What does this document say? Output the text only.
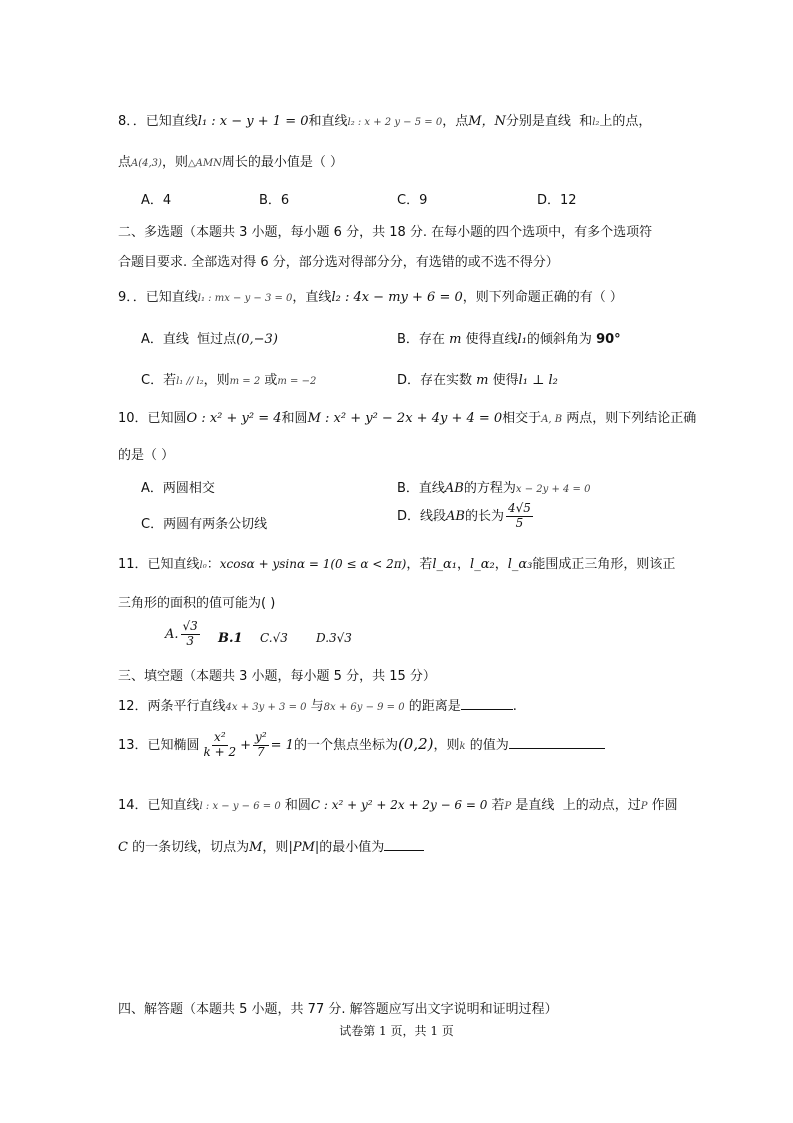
8．．已知直线l₁ : x − y + 1 = 0和直线l₂ : x + 2 y − 5 = 0，点M，N分别是直线 和l₂上的点，
点A(4,3)，则△AMN周长的最小值是（ ）
A．4	B．6	C．9	D．12
二、多选题（本题共 3 小题，每小题 6 分，共 18 分. 在每小题的四个选项中，有多个选项符
合题目要求. 全部选对得 6 分，部分选对得部分分，有选错的或不选不得分）
9．．已知直线l₁ : mx − y − 3 = 0，直线l₂ : 4x − my + 6 = 0，则下列命题正确的有（ ）
A．直线 恒过点(0,−3)	B．存在 m 使得直线l₁的倾斜角为 90°
C．若l₁ // l₂，则m = 2 或m = −2	D．存在实数 m 使得l₁ ⊥ l₂
10．已知圆O : x² + y² = 4和圆M : x² + y² − 2x + 4y + 4 = 0相交于A, B 两点，则下列结论正确
的是（ ）
A．两圆相交	B．直线AB的方程为x − 2y + 4 = 0
C．两圆有两条公切线
D．线段AB的长为 $\frac{4√5}{5}$
11．已知直线l₀：xcosα + ysinα = 1(0 ≤ α < 2π)，若l_α₁，l_α₂，l_α₃能围成正三角形，则该正
三角形的面积的值可能为( )
A. $\frac{√3}{3} B.1$ C.√3 D.3√3
三、填空题（本题共 3 小题，每小题 5 分，共 15 分）
12．两条平行直线4x + 3y + 3 = 0 与8x + 6y − 9 = 0 的距离是	.
13．已知椭圆 $\frac{\text{x²}}{k + 2} + \frac{\text{y²}}{7} = 1$的一个焦点坐标为(0,2)，则k 的值为
14．已知直线l : x − y − 6 = 0 和圆C : x² + y² + 2x + 2y − 6 = 0 若P 是直线 上的动点，过P 作圆
C 的一条切线，切点为M，则|PM|的最小值为
四、解答题（本题共 5 小题，共 77 分. 解答题应写出文字说明和证明过程）
试卷第 1 页，共 1 页
